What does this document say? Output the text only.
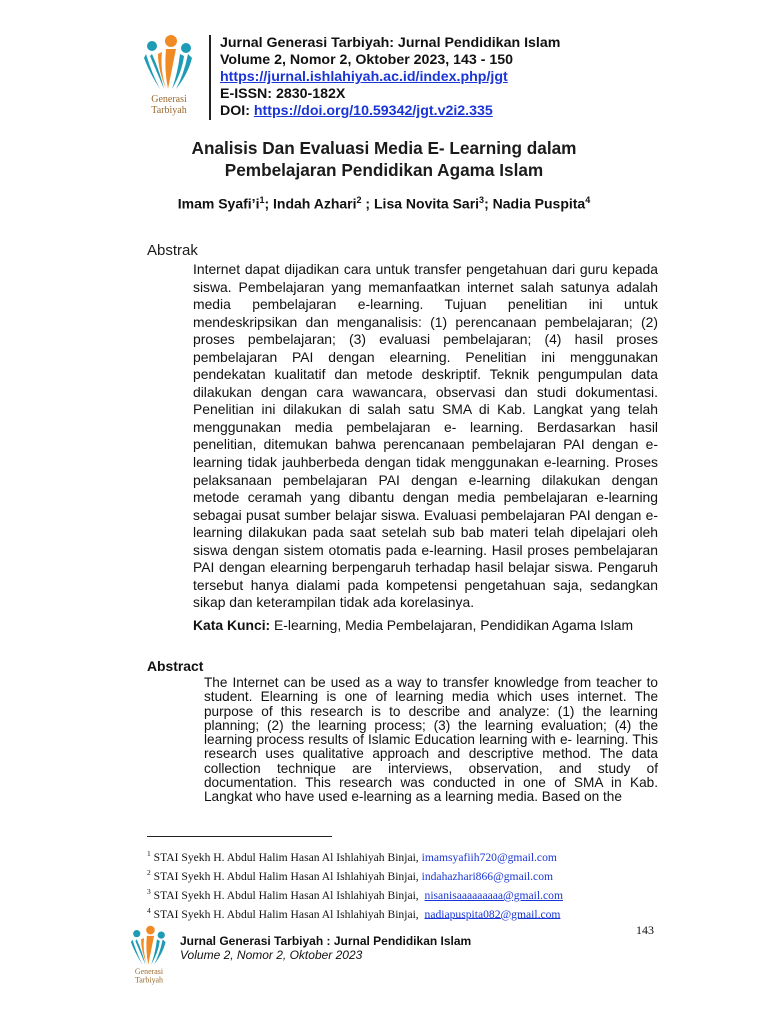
Generasi
Tarbiyah
Jurnal Generasi Tarbiyah: Jurnal Pendidikan Islam
Volume 2, Nomor 2, Oktober 2023, 143 - 150
https://jurnal.ishlahiyah.ac.id/index.php/jgt
E-ISSN: 2830-182X
DOI: https://doi.org/10.59342/jgt.v2i2.335
Analisis Dan Evaluasi Media E- Learning dalam
Pembelajaran Pendidikan Agama Islam
Imam $Syafi’i^1$; Indah Azhari$^2$ ; Lisa Novita Sari$^3$; Nadia Puspita$^4$
Abstrak
Internet dapat dijadikan cara untuk transfer pengetahuan dari guru kepada siswa. Pembelajaran yang memanfaatkan internet salah satunya adalah media pembelajaran e-learning. Tujuan penelitian ini untuk mendeskripsikan dan menganalisis: (1) perencanaan pembelajaran; (2) proses pembelajaran; (3) evaluasi pembelajaran; (4) hasil proses pembelajaran PAI dengan elearning. Penelitian ini menggunakan pendekatan kualitatif dan metode deskriptif. Teknik pengumpulan data dilakukan dengan cara wawancara, observasi dan studi dokumentasi. Penelitian ini dilakukan di salah satu SMA di Kab. Langkat yang telah menggunakan media pembelajaran e- learning. Berdasarkan hasil penelitian, ditemukan bahwa perencanaan pembelajaran PAI dengan e- learning tidak jauhberbeda dengan tidak menggunakan e-learning. Proses pelaksanaan pembelajaran PAI dengan e-learning dilakukan dengan metode ceramah yang dibantu dengan media pembelajaran e-learning sebagai pusat sumber belajar siswa. Evaluasi pembelajaran PAI dengan e-learning dilakukan pada saat setelah sub bab materi telah dipelajari oleh siswa dengan sistem otomatis pada e-learning. Hasil proses pembelajaran PAI dengan elearning berpengaruh terhadap hasil belajar siswa. Pengaruh tersebut hanya dialami pada kompetensi pengetahuan saja, sedangkan sikap dan keterampilan tidak ada korelasinya.
Kata Kunci: E-learning, Media Pembelajaran, Pendidikan Agama Islam
Abstract
The Internet can be used as a way to transfer knowledge from teacher to student. Elearning is one of learning media which uses internet. The purpose of this research is to describe and analyze: (1) the learning planning; (2) the learning process; (3) the learning evaluation; (4) the learning process results of Islamic Education learning with e- learning. This research uses qualitative approach and descriptive method. The data collection technique are interviews, observation, and study of documentation. This research was conducted in one of SMA in Kab. Langkat who have used e-learning as a learning media. Based on the
$^1$ STAI Syekh H. Abdul Halim Hasan Al Ishlahiyah Binjai, imamsyafiih720@gmail.com
$^2$ STAI Syekh H. Abdul Halim Hasan Al Ishlahiyah Binjai, indahazhari866@gmail.com
$^3$ STAI Syekh H. Abdul Halim Hasan Al Ishlahiyah Binjai,  nisanisaaaaaaaaa@gmail.com
$^4$ STAI Syekh H. Abdul Halim Hasan Al Ishlahiyah Binjai,  nadiapuspita082@gmail.com
143
Generasi
Tarbiyah
Jurnal Generasi Tarbiyah : Jurnal Pendidikan Islam
Volume 2, Nomor 2, Oktober 2023
